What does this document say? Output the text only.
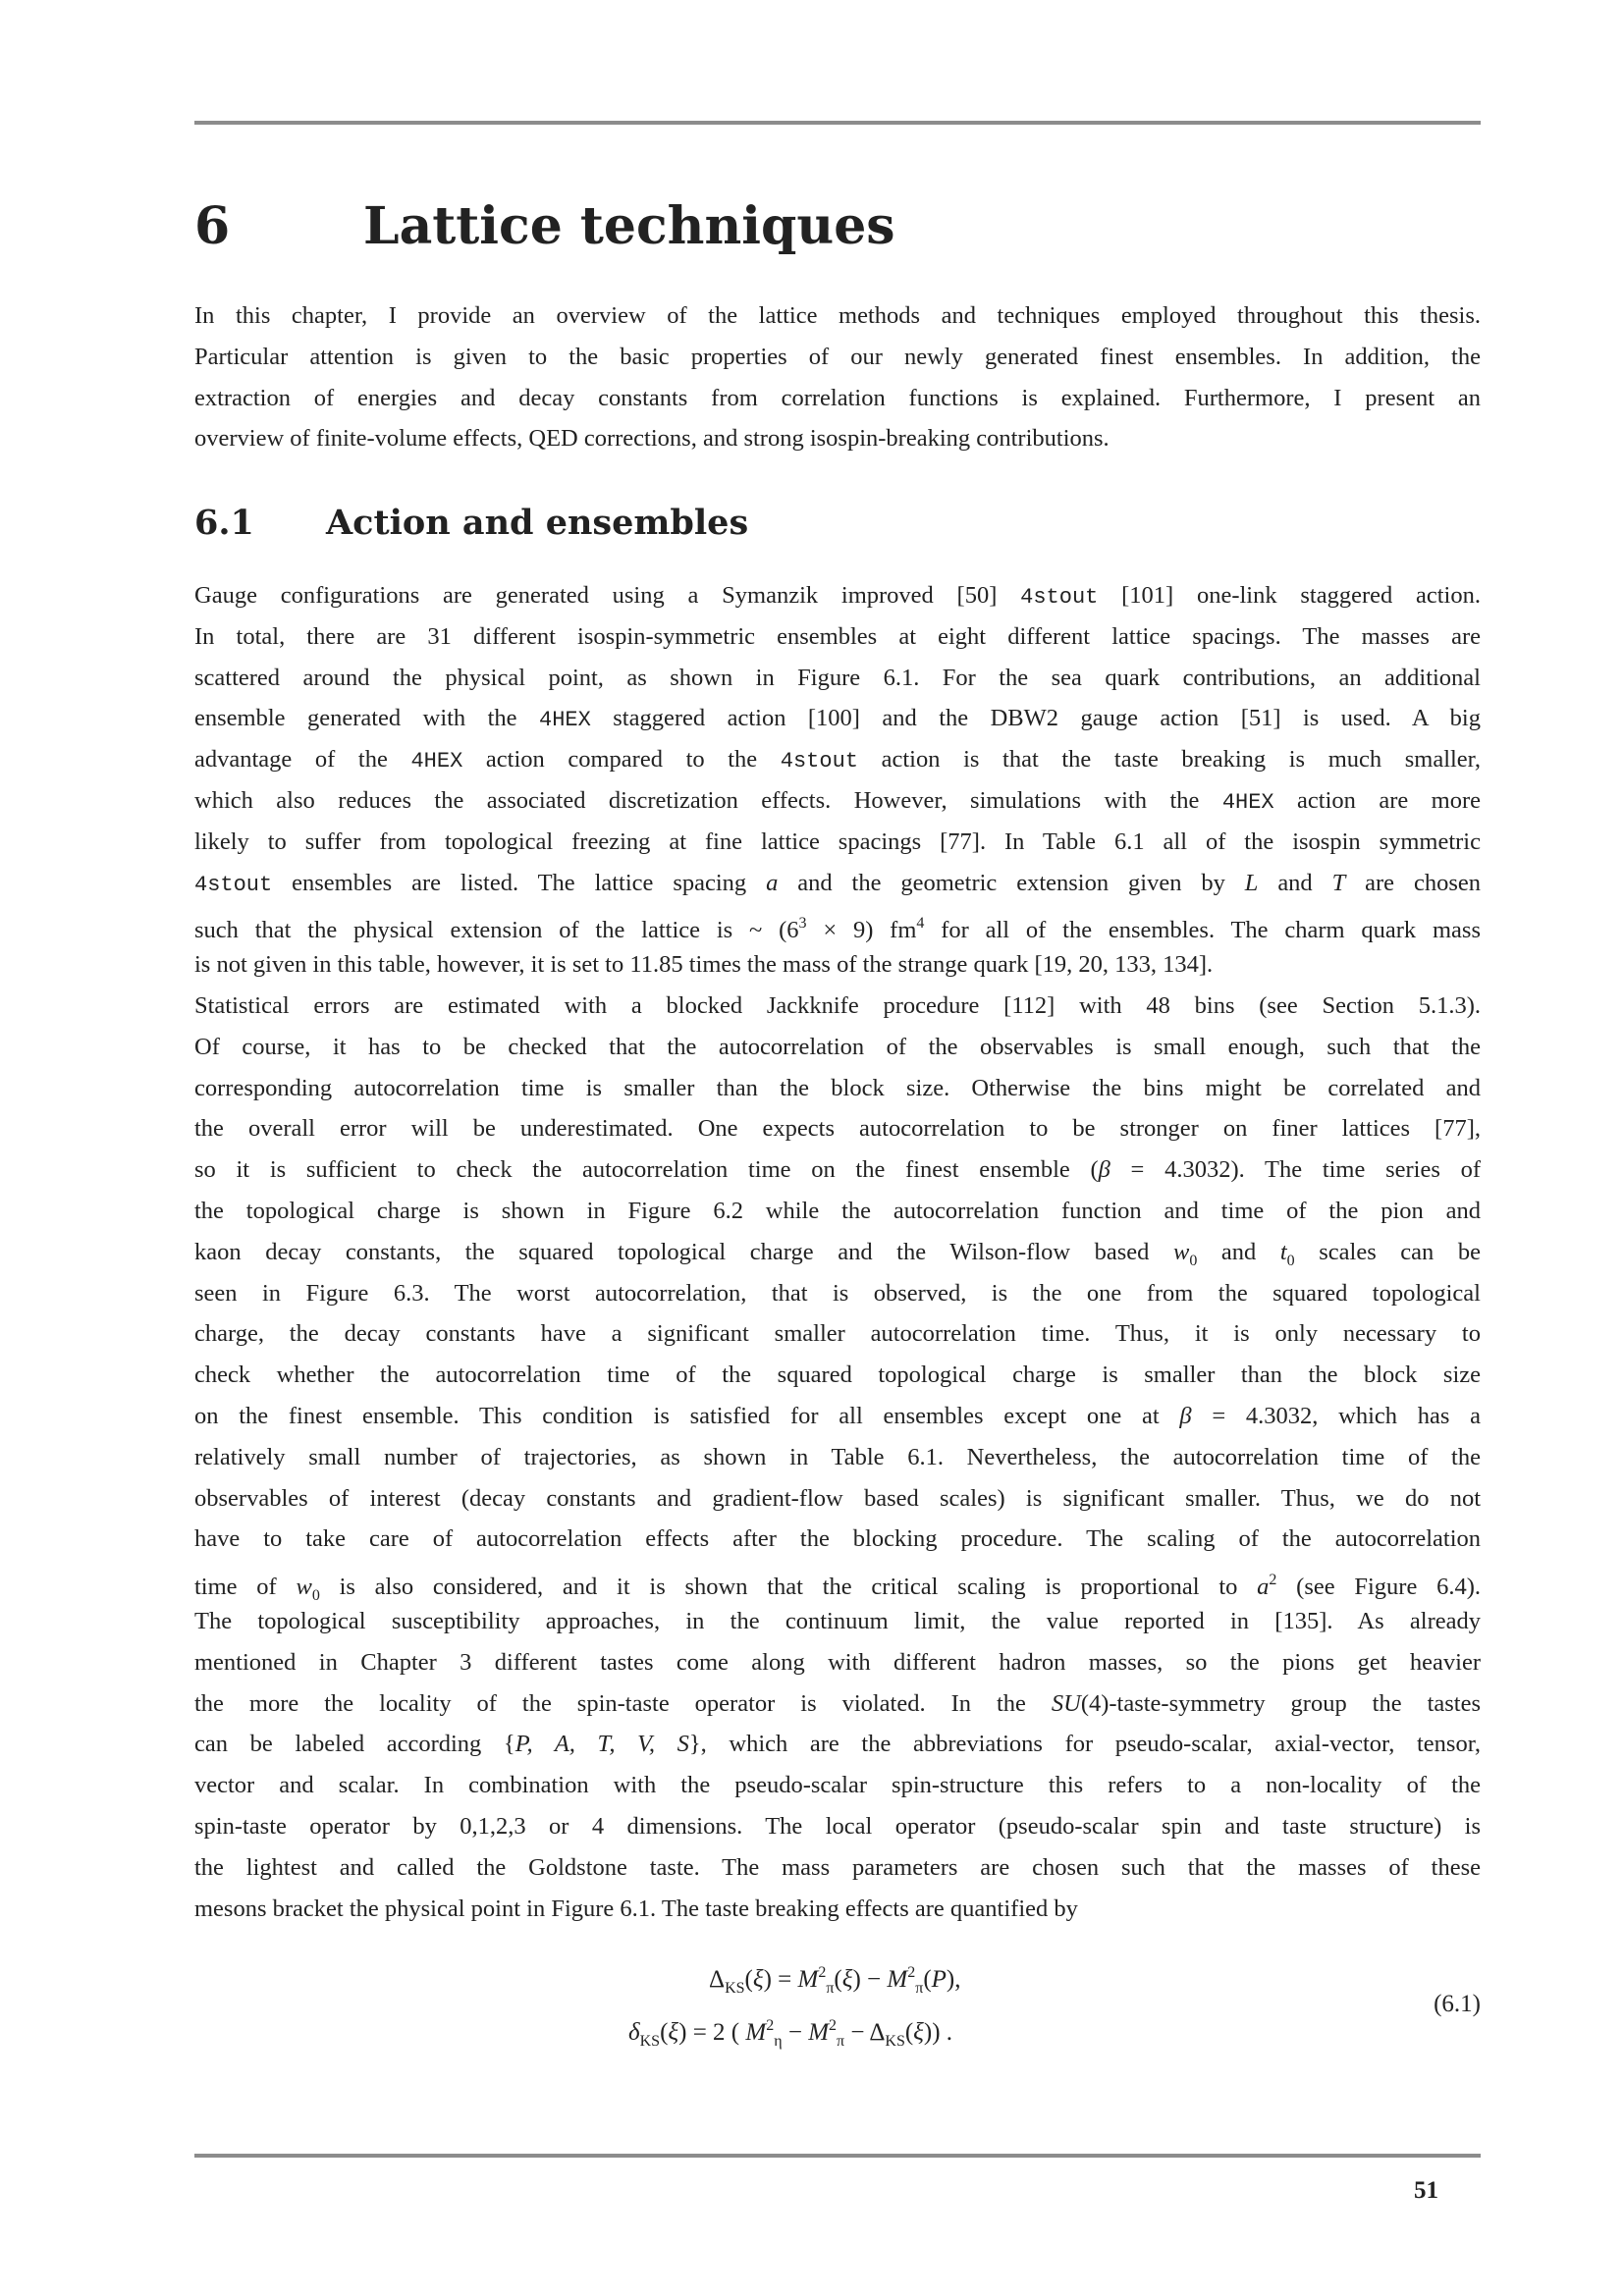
6	Lattice techniques
In this chapter, I provide an overview of the lattice methods and techniques employed throughout this thesis.
Particular attention is given to the basic properties of our newly generated finest ensembles. In addition, the
extraction of energies and decay constants from correlation functions is explained. Furthermore, I present an
overview of finite-volume effects, QED corrections, and strong isospin-breaking contributions.
6.1 Action and ensembles
Gauge configurations are generated using a Symanzik improved [50] 4stout [101] one-link staggered action.
In total, there are 31 different isospin-symmetric ensembles at eight different lattice spacings. The masses are
scattered around the physical point, as shown in Figure 6.1. For the sea quark contributions, an additional
ensemble generated with the 4HEX staggered action [100] and the DBW2 gauge action [51] is used. A big
advantage of the 4HEX action compared to the 4stout action is that the taste breaking is much smaller,
which also reduces the associated discretization effects. However, simulations with the 4HEX action are more
likely to suffer from topological freezing at fine lattice spacings [77]. In Table 6.1 all of the isospin symmetric
4stout ensembles are listed. The lattice spacing a and the geometric extension given by L and T are chosen
such that the physical extension of the lattice is ~ $(6^3 \times 9)$ $fm^4$ for all of the ensembles. The charm quark mass
is not given in this table, however, it is set to 11.85 times the mass of the strange quark [19, 20, 133, 134].
Statistical errors are estimated with a blocked Jackknife procedure [112] with 48 bins (see Section 5.1.3).
Of course, it has to be checked that the autocorrelation of the observables is small enough, such that the
corresponding autocorrelation time is smaller than the block size. Otherwise the bins might be correlated and
the overall error will be underestimated. One expects autocorrelation to be stronger on finer lattices [77],
so it is sufficient to check the autocorrelation time on the finest ensemble (β = 4.3032). The time series of
the topological charge is shown in Figure 6.2 while the autocorrelation function and time of the pion and
kaon decay constants, the squared topological charge and the Wilson-flow based $w_0$ and $t_0$ scales can be
seen in Figure 6.3. The worst autocorrelation, that is observed, is the one from the squared topological
charge, the decay constants have a significant smaller autocorrelation time. Thus, it is only necessary to
check whether the autocorrelation time of the squared topological charge is smaller than the block size
on the finest ensemble. This condition is satisfied for all ensembles except one at β = 4.3032, which has a
relatively small number of trajectories, as shown in Table 6.1. Nevertheless, the autocorrelation time of the
observables of interest (decay constants and gradient-flow based scales) is significant smaller. Thus, we do not
have to take care of autocorrelation effects after the blocking procedure. The scaling of the autocorrelation
time of $w_0$ is also considered, and it is shown that the critical scaling is proportional to $a^2$ (see Figure 6.4).
The topological susceptibility approaches, in the continuum limit, the value reported in [135]. As already
mentioned in Chapter 3 different tastes come along with different hadron masses, so the pions get heavier
the more the locality of the spin-taste operator is violated. In the SU(4)-taste-symmetry group the tastes
can be labeled according {P, A, T, V, S}, which are the abbreviations for pseudo-scalar, axial-vector, tensor,
vector and scalar. In combination with the pseudo-scalar spin-structure this refers to a non-locality of the
spin-taste operator by 0,1,2,3 or 4 dimensions. The local operator (pseudo-scalar spin and taste structure) is
the lightest and called the Goldstone taste. The mass parameters are chosen such that the masses of these
mesons bracket the physical point in Figure 6.1. The taste breaking effects are quantified by
$\Delta_{KS}(\xi) = M^2_\pi(\xi) - M^2_\pi(P)$,
$\delta_{KS}(\xi) = 2$ ( $M^2_\eta - M^2_\pi - \Delta_{KS}(\xi)$) .
(6.1)
51
